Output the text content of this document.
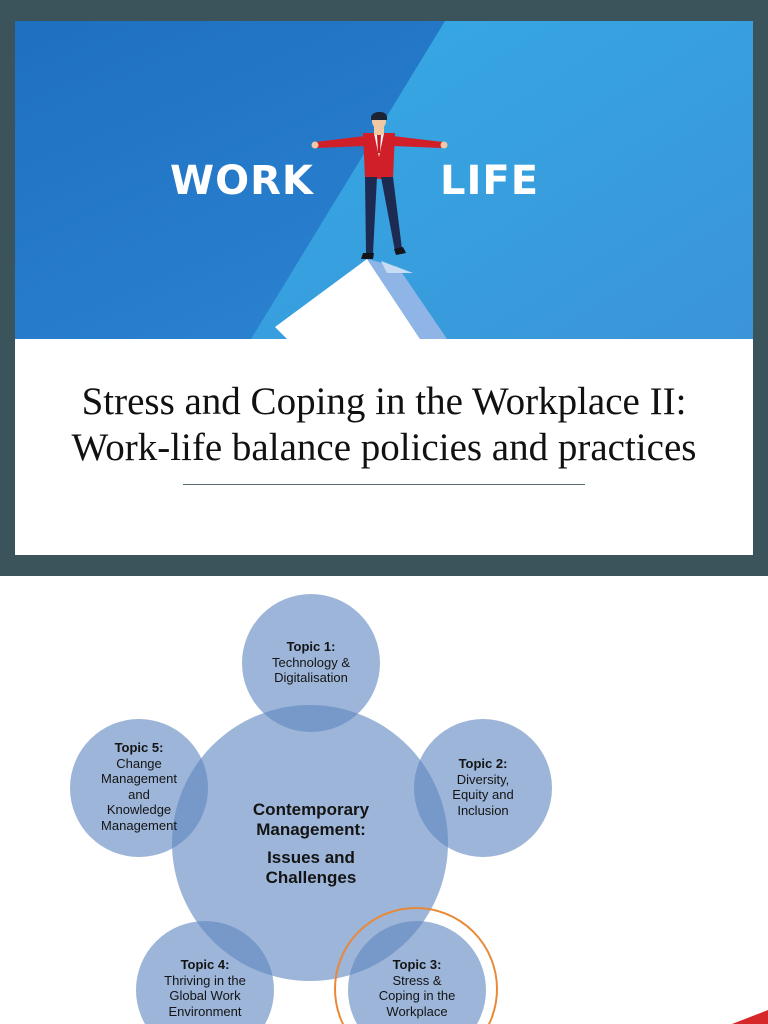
WORK	LIFE
Stress and Coping in the Workplace II:
Work-life balance policies and practices
Contemporary
Management:
Issues and
Challenges
Topic 1:
Technology &
Digitalisation
Topic 2:
Diversity,
Equity and
Inclusion
Topic 3:
Stress &
Coping in the
Workplace
Topic 4:
Thriving in the
Global Work
Environment
Topic 5:
Change
Management
and
Knowledge
Management
